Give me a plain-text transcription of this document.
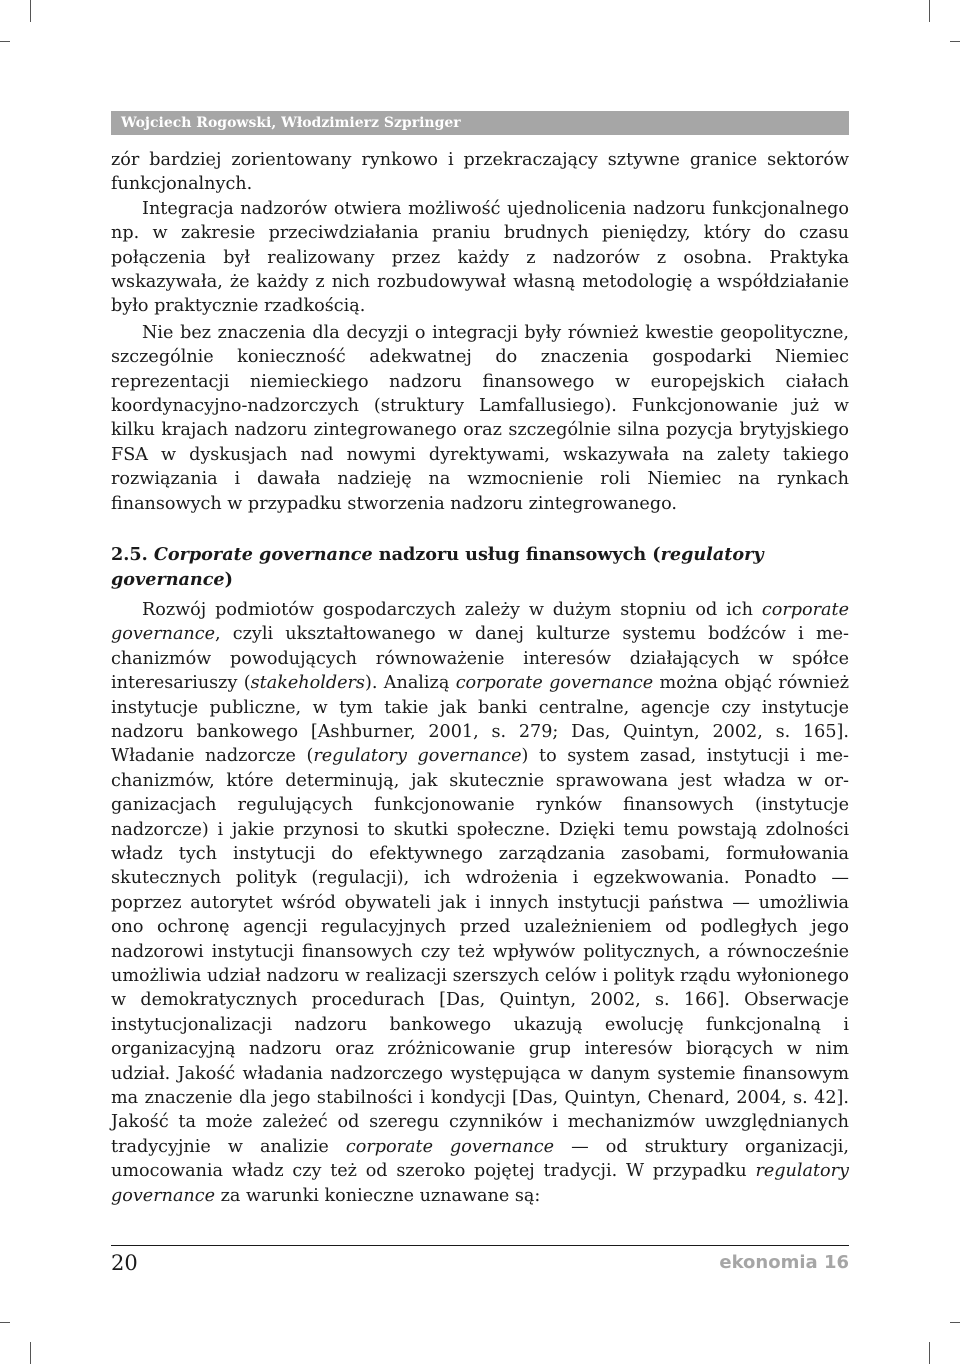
Wojciech Rogowski, Włodzimierz Szpringer

zór bardziej zorientowany rynkowo i przekraczający sztywne granice sektorów funkcjonalnych.

Integracja nadzorów otwiera możliwość ujednolicenia nadzoru funkcjonalnego np. w zakresie przeciwdziałania praniu brudnych pieniędzy, który do czasu połączenia był realizowany przez każdy z nadzorów z osobna. Praktyka wskazywała, że każdy z nich rozbudowywał własną metodologię a współdziałanie było praktycznie rzadkością.

Nie bez znaczenia dla decyzji o integracji były również kwestie geopolityczne, szczególnie konieczność adekwatnej do znaczenia gospodarki Niemiec reprezentacji niemieckiego nadzoru finansowego w europejskich ciałach koordynacyjno-nadzorczych (struktury Lamfallusiego). Funkcjonowanie już w kilku krajach nadzoru zintegrowanego oraz szczególnie silna pozycja brytyjskiego FSA w dyskusjach nad nowymi dyrektywami, wskazywała na zalety takiego rozwiązania i dawała nadzieję na wzmocnienie roli Niemiec na rynkach finansowych w przypadku stworzenia nadzoru zintegrowanego.

2.5. Corporate governance nadzoru usług finansowych (regulatory governance)

Rozwój podmiotów gospodarczych zależy w dużym stopniu od ich corporate governance, czyli ukształtowanego w danej kulturze systemu bodźców i mechanizmów powodujących równoważenie interesów działających w spółce interesariuszy (stakeholders). Analizą corporate governance można objąć również instytucje publiczne, w tym takie jak banki centralne, agencje czy instytucje nadzoru bankowego [Ashburner, 2001, s. 279; Das, Quintyn, 2002, s. 165]. Władanie nadzorcze (regulatory governance) to system zasad, instytucji i mechanizmów, które determinują, jak skutecznie sprawowana jest władza w organizacjach regulujących funkcjonowanie rynków finansowych (instytucje nadzorcze) i jakie przynosi to skutki społeczne. Dzięki temu powstają zdolności władz tych instytucji do efektywnego zarządzania zasobami, formułowania skutecznych polityk (regulacji), ich wdrożenia i egzekwowania. Ponadto — poprzez autorytet wśród obywateli jak i innych instytucji państwa — umożliwia ono ochronę agencji regulacyjnych przed uzależnieniem od podległych jego nadzorowi instytucji finansowych czy też wpływów politycznych, a równocześnie umożliwia udział nadzoru w realizacji szerszych celów i polityk rządu wyłonionego w demokratycznych procedurach [Das, Quintyn, 2002, s. 166]. Obserwacje instytucjonalizacji nadzoru bankowego ukazują ewolucję funkcjonalną i organizacyjną nadzoru oraz zróżnicowanie grup interesów biorących w nim udział. Jakość władania nadzorczego występująca w danym systemie finansowym ma znaczenie dla jego stabilności i kondycji [Das, Quintyn, Chenard, 2004, s. 42]. Jakość ta może zależeć od szeregu czynników i mechanizmów uwzględnianych tradycyjnie w analizie corporate governance — od struktury organizacji, umocowania władz czy też od szeroko pojętej tradycji. W przypadku regulatory governance za warunki konieczne uznawane są:

20	ekonomia 16
